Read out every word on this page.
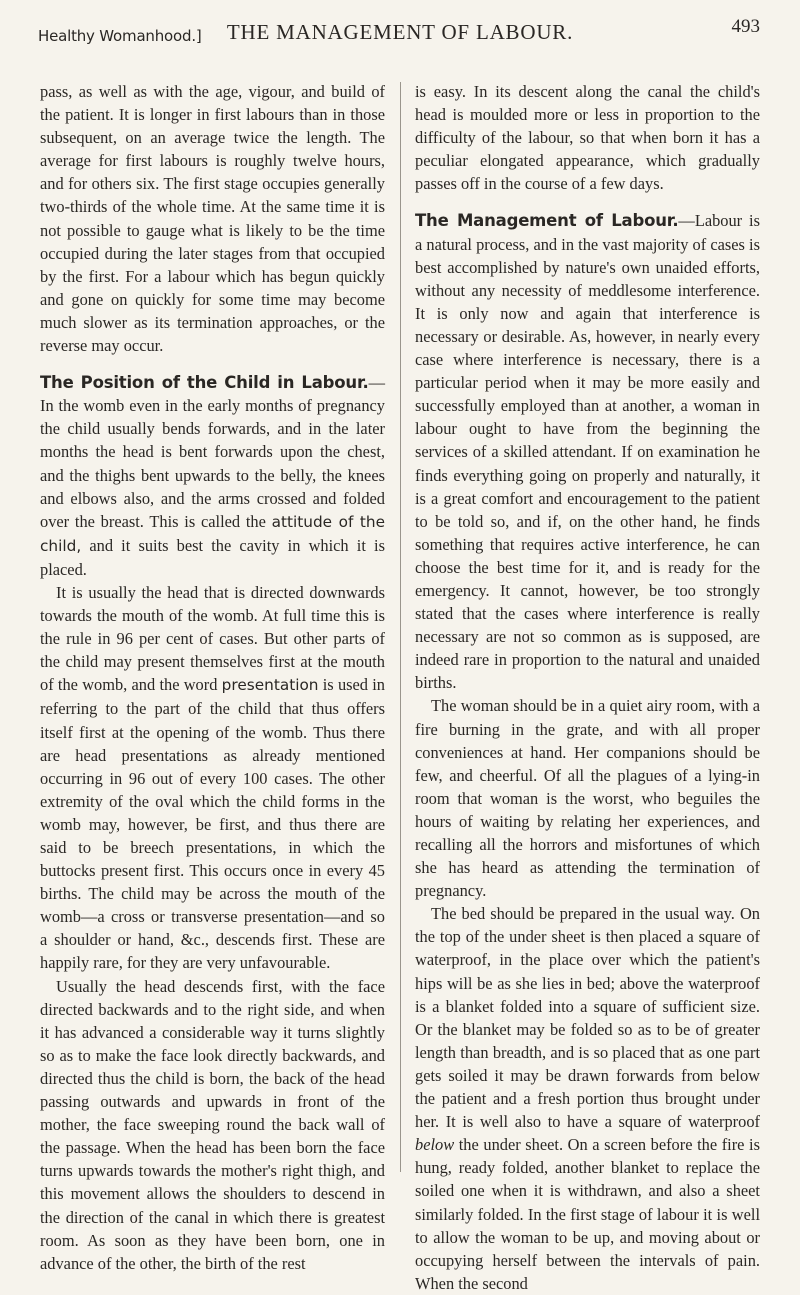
Healthy Womanhood.]	THE MANAGEMENT OF LABOUR.	493

pass, as well as with the age, vigour, and build of the patient. It is longer in first labours than in those subsequent, on an average twice the length. The average for first labours is roughly twelve hours, and for others six. The first stage occupies generally two-thirds of the whole time. At the same time it is not possible to gauge what is likely to be the time occupied during the later stages from that occupied by the first. For a labour which has begun quickly and gone on quickly for some time may become much slower as its termination approaches, or the reverse may occur.

The Position of the Child in Labour.—In the womb even in the early months of pregnancy the child usually bends forwards, and in the later months the head is bent forwards upon the chest, and the thighs bent upwards to the belly, the knees and elbows also, and the arms crossed and folded over the breast. This is called the attitude of the child, and it suits best the cavity in which it is placed.

It is usually the head that is directed downwards towards the mouth of the womb. At full time this is the rule in 96 per cent of cases. But other parts of the child may present themselves first at the mouth of the womb, and the word presentation is used in referring to the part of the child that thus offers itself first at the opening of the womb. Thus there are head presentations as already mentioned occurring in 96 out of every 100 cases. The other extremity of the oval which the child forms in the womb may, however, be first, and thus there are said to be breech presentations, in which the buttocks present first. This occurs once in every 45 births. The child may be across the mouth of the womb—a cross or transverse presentation—and so a shoulder or hand, &c., descends first. These are happily rare, for they are very unfavourable.

Usually the head descends first, with the face directed backwards and to the right side, and when it has advanced a considerable way it turns slightly so as to make the face look directly backwards, and directed thus the child is born, the back of the head passing outwards and upwards in front of the mother, the face sweeping round the back wall of the passage. When the head has been born the face turns upwards towards the mother's right thigh, and this movement allows the shoulders to descend in the direction of the canal in which there is greatest room. As soon as they have been born, one in advance of the other, the birth of the rest

is easy. In its descent along the canal the child's head is moulded more or less in proportion to the difficulty of the labour, so that when born it has a peculiar elongated appearance, which gradually passes off in the course of a few days.

The Management of Labour.—Labour is a natural process, and in the vast majority of cases is best accomplished by nature's own unaided efforts, without any necessity of meddlesome interference. It is only now and again that interference is necessary or desirable. As, however, in nearly every case where interference is necessary, there is a particular period when it may be more easily and successfully employed than at another, a woman in labour ought to have from the beginning the services of a skilled attendant. If on examination he finds everything going on properly and naturally, it is a great comfort and encouragement to the patient to be told so, and if, on the other hand, he finds something that requires active interference, he can choose the best time for it, and is ready for the emergency. It cannot, however, be too strongly stated that the cases where interference is really necessary are not so common as is supposed, are indeed rare in proportion to the natural and unaided births.

The woman should be in a quiet airy room, with a fire burning in the grate, and with all proper conveniences at hand. Her companions should be few, and cheerful. Of all the plagues of a lying-in room that woman is the worst, who beguiles the hours of waiting by relating her experiences, and recalling all the horrors and misfortunes of which she has heard as attending the termination of pregnancy.

The bed should be prepared in the usual way. On the top of the under sheet is then placed a square of waterproof, in the place over which the patient's hips will be as she lies in bed; above the waterproof is a blanket folded into a square of sufficient size. Or the blanket may be folded so as to be of greater length than breadth, and is so placed that as one part gets soiled it may be drawn forwards from below the patient and a fresh portion thus brought under her. It is well also to have a square of waterproof below the under sheet. On a screen before the fire is hung, ready folded, another blanket to replace the soiled one when it is withdrawn, and also a sheet similarly folded. In the first stage of labour it is well to allow the woman to be up, and moving about or occupying herself between the intervals of pain. When the second
